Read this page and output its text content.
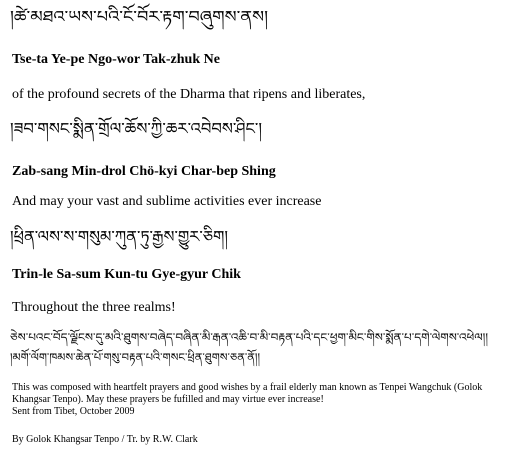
།ཚེ་མཐའ་ཡས་པའི་ངོ་བོར་རྟག་བཞུགས་ནས།
Tse-ta Ye-pe Ngo-wor Tak-zhuk Ne
of the profound secrets of the Dharma that ripens and liberates,
།ཟབ་གསང་སྨིན་གྲོལ་ཆོས་ཀྱི་ཆར་འབེབས་ཤིང་།
Zab-sang Min-drol Chö-kyi Char-bep Shing
And may your vast and sublime activities ever increase
།ཕྲིན་ལས་ས་གསུམ་ཀུན་ཏུ་རྒྱས་གྱུར་ཅིག།
Trin-le Sa-sum Kun-tu Gye-gyur Chik
Throughout the three realms!
ཅེས་པའང་བོད་ལྗོངས་དུ་མའི་ཐུགས་བཞེད་བཞིན་མི་རྒན་འཆི་བ་མི་བརྟན་པའི་དང་ཕྱག་མིང་གིས་སྨོན་པ་དགེ་ལེགས་འཕེལ།།
།མགོ་ལོག་ཁམས་ཆེན་པོ་གསུ་བརྟན་པའི་གསང་ཕྲིན་ཐུགས་ཅན་ནོ།།
This was composed with heartfelt prayers and good wishes by a frail elderly man known as Tenpei Wangchuk (Golok
Khangsar Tenpo). May these prayers be fufilled and may virtue ever increase!
Sent from Tibet, October 2009
By Golok Khangsar Tenpo / Tr. by R.W. Clark
